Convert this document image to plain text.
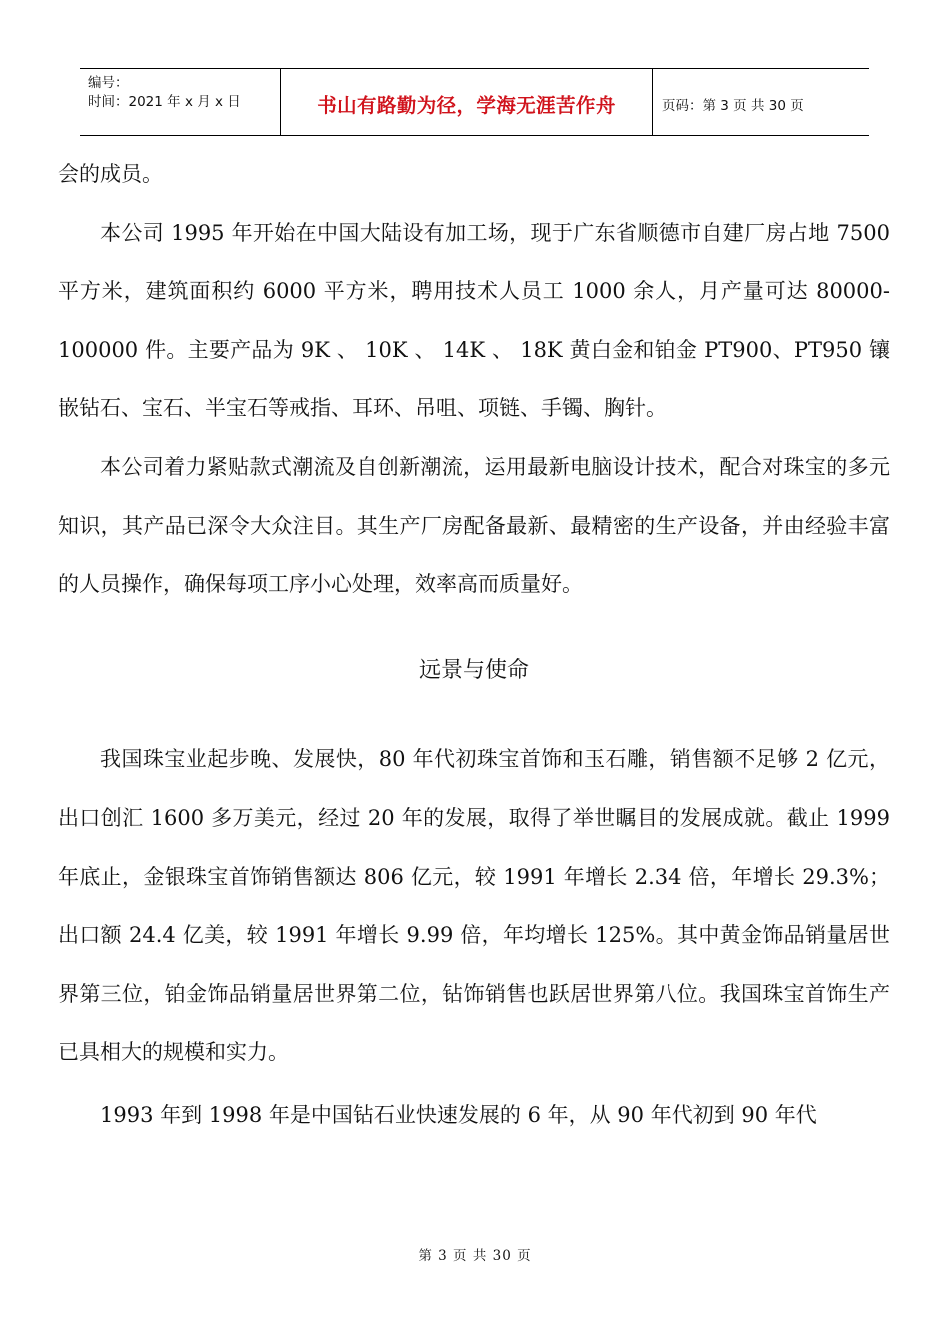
编号：
时间：2021 年 x 月 x 日	书山有路勤为径，学海无涯苦作舟	页码：第 3 页 共 30 页

会的成员。

本公司 1995 年开始在中国大陆设有加工场，现于广东省顺德市自建厂房占地 7500 平方米，建筑面积约 6000 平方米，聘用技术人员工 1000 余人，月产量可达 80000-100000 件。主要产品为 9K 、 10K 、 14K 、 18K 黄白金和铂金 PT900、PT950 镶嵌钻石、宝石、半宝石等戒指、耳环、吊咀、项链、手镯、胸针。

本公司着力紧贴款式潮流及自创新潮流，运用最新电脑设计技术，配合对珠宝的多元知识，其产品已深令大众注目。其生产厂房配备最新、最精密的生产设备，并由经验丰富的人员操作，确保每项工序小心处理，效率高而质量好。

远景与使命

我国珠宝业起步晚、发展快，80 年代初珠宝首饰和玉石雕，销售额不足够 2 亿元，出口创汇 1600 多万美元，经过 20 年的发展，取得了举世瞩目的发展成就。截止 1999 年底止，金银珠宝首饰销售额达 806 亿元，较 1991 年增长 2.34 倍，年增长 29.3%；出口额 24.4 亿美，较 1991 年增长 9.99 倍，年均增长 125%。其中黄金饰品销量居世界第三位，铂金饰品销量居世界第二位，钻饰销售也跃居世界第八位。我国珠宝首饰生产已具相大的规模和实力。

1993 年到 1998 年是中国钻石业快速发展的 6 年，从 90 年代初到 90 年代

第 3 页 共 30 页
